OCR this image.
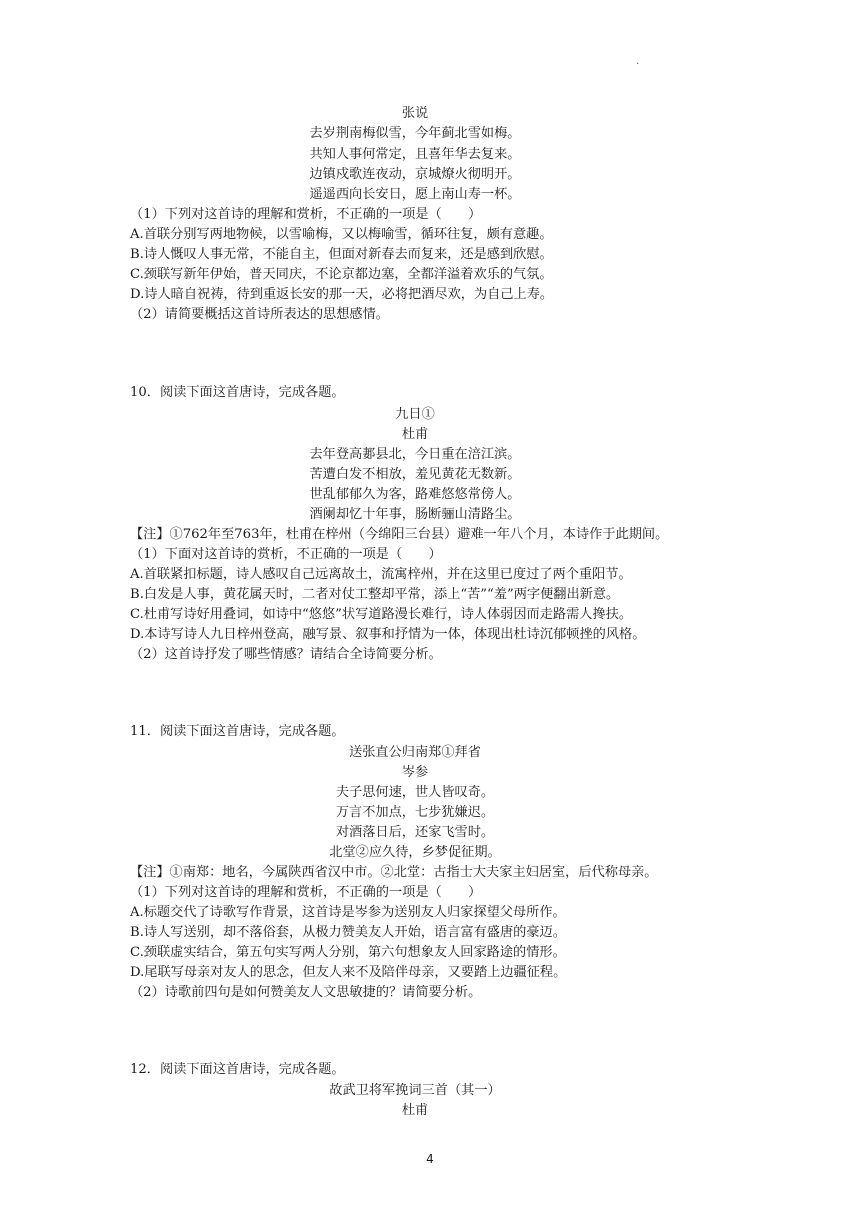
.
张说
去岁荆南梅似雪，今年蓟北雪如梅。
共知人事何常定，且喜年华去复来。
边镇戍歌连夜动，京城燎火彻明开。
遥遥西向长安日，愿上南山寿一杯。
（1）下列对这首诗的理解和赏析，不正确的一项是（　　）
A.首联分别写两地物候，以雪喻梅，又以梅喻雪，循环往复，颇有意趣。
B.诗人慨叹人事无常，不能自主，但面对新春去而复来，还是感到欣慰。
C.颈联写新年伊始，普天同庆，不论京都边塞，全都洋溢着欢乐的气氛。
D.诗人暗自祝祷，待到重返长安的那一天，必将把酒尽欢，为自己上寿。
（2）请简要概括这首诗所表达的思想感情。
10．阅读下面这首唐诗，完成各题。
九日①
杜甫
去年登高郪县北，今日重在涪江滨。
苦遭白发不相放，羞见黄花无数新。
世乱郁郁久为客，路难悠悠常傍人。
酒阑却忆十年事，肠断骊山清路尘。
【注】①762年至763年，杜甫在梓州（今绵阳三台县）避难一年八个月，本诗作于此期间。
（1）下面对这首诗的赏析，不正确的一项是（　　）
A.首联紧扣标题，诗人感叹自己远离故土，流寓梓州，并在这里已度过了两个重阳节。
B.白发是人事，黄花属天时，二者对仗工整却平常，添上“苦”“羞”两字便翻出新意。
C.杜甫写诗好用叠词，如诗中“悠悠”状写道路漫长难行，诗人体弱因而走路需人搀扶。
D.本诗写诗人九日梓州登高，融写景、叙事和抒情为一体，体现出杜诗沉郁顿挫的风格。
（2）这首诗抒发了哪些情感？请结合全诗简要分析。
11．阅读下面这首唐诗，完成各题。
送张直公归南郑①拜省
岑参
夫子思何速，世人皆叹奇。
万言不加点，七步犹嫌迟。
对酒落日后，还家飞雪时。
北堂②应久待，乡梦促征期。
【注】①南郑：地名，今属陕西省汉中市。②北堂：古指士大夫家主妇居室，后代称母亲。
（1）下列对这首诗的理解和赏析，不正确的一项是（　　）
A.标题交代了诗歌写作背景，这首诗是岑参为送别友人归家探望父母所作。
B.诗人写送别，却不落俗套，从极力赞美友人开始，语言富有盛唐的豪迈。
C.颈联虚实结合，第五句实写两人分别，第六句想象友人回家路途的情形。
D.尾联写母亲对友人的思念，但友人来不及陪伴母亲，又要踏上边疆征程。
（2）诗歌前四句是如何赞美友人文思敏捷的？请简要分析。
12．阅读下面这首唐诗，完成各题。
故武卫将军挽词三首（其一）
杜甫
4
